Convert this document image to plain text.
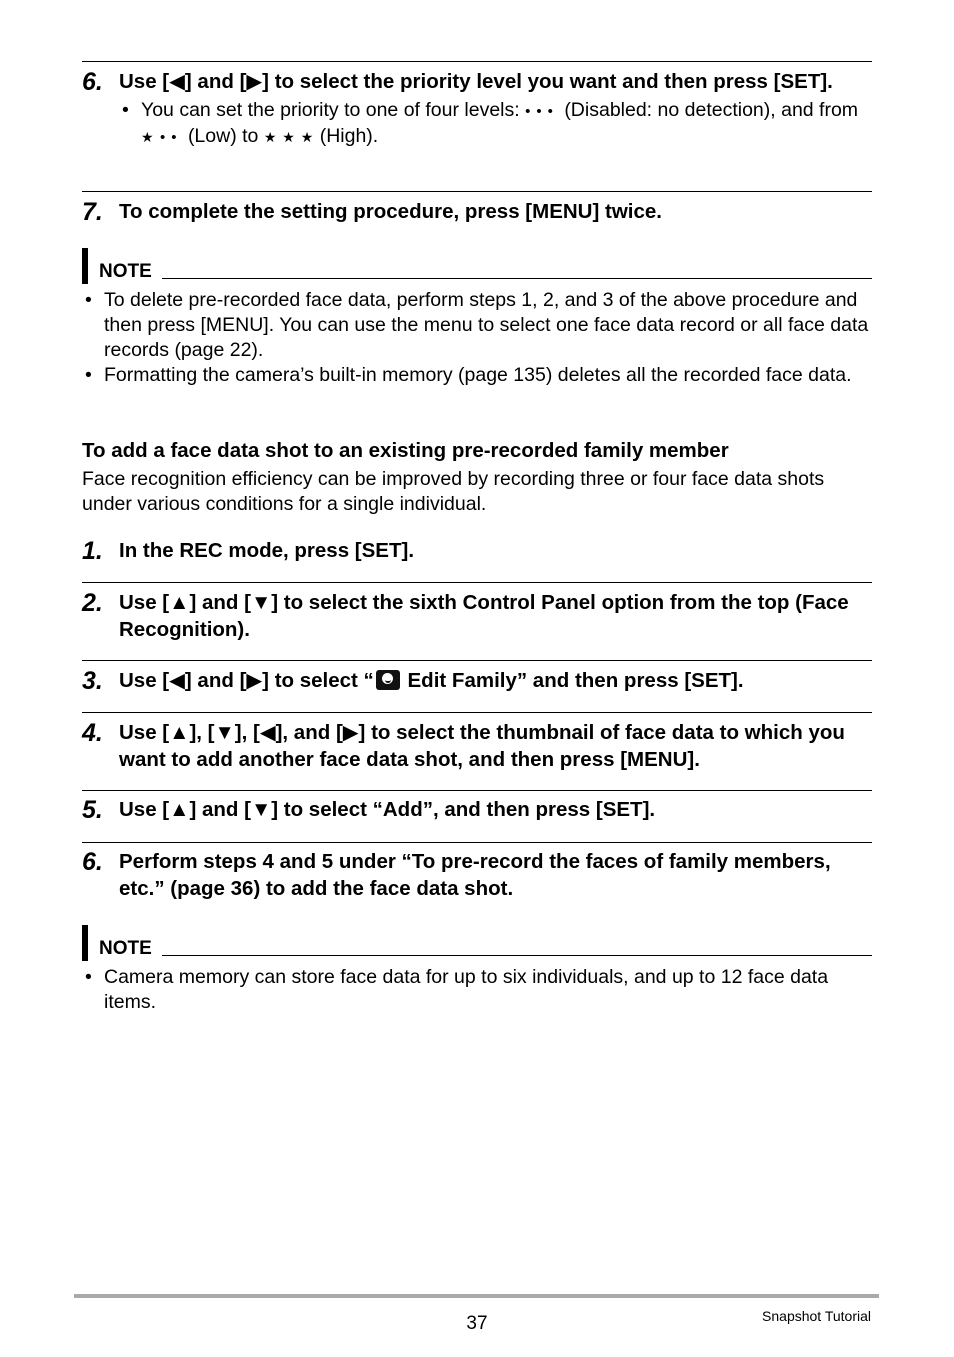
6. Use [◀] and [▶] to select the priority level you want and then press [SET].
• You can set the priority to one of four levels: ••• (Disabled: no detection), and from ★ •• (Low) to ★ ★ ★ (High).
7. To complete the setting procedure, press [MENU] twice.
NOTE
• To delete pre-recorded face data, perform steps 1, 2, and 3 of the above procedure and then press [MENU]. You can use the menu to select one face data record or all face data records (page 22).
• Formatting the camera’s built-in memory (page 135) deletes all the recorded face data.
To add a face data shot to an existing pre-recorded family member
Face recognition efficiency can be improved by recording three or four face data shots under various conditions for a single individual.
1. In the REC mode, press [SET].
2. Use [▲] and [▼] to select the sixth Control Panel option from the top (Face Recognition).
3. Use [◀] and [▶] to select “ Edit Family” and then press [SET].
4. Use [▲], [▼], [◀], and [▶] to select the thumbnail of face data to which you want to add another face data shot, and then press [MENU].
5. Use [▲] and [▼] to select “Add”, and then press [SET].
6. Perform steps 4 and 5 under “To pre-record the faces of family members, etc.” (page 36) to add the face data shot.
NOTE
• Camera memory can store face data for up to six individuals, and up to 12 face data items.
37	Snapshot Tutorial
